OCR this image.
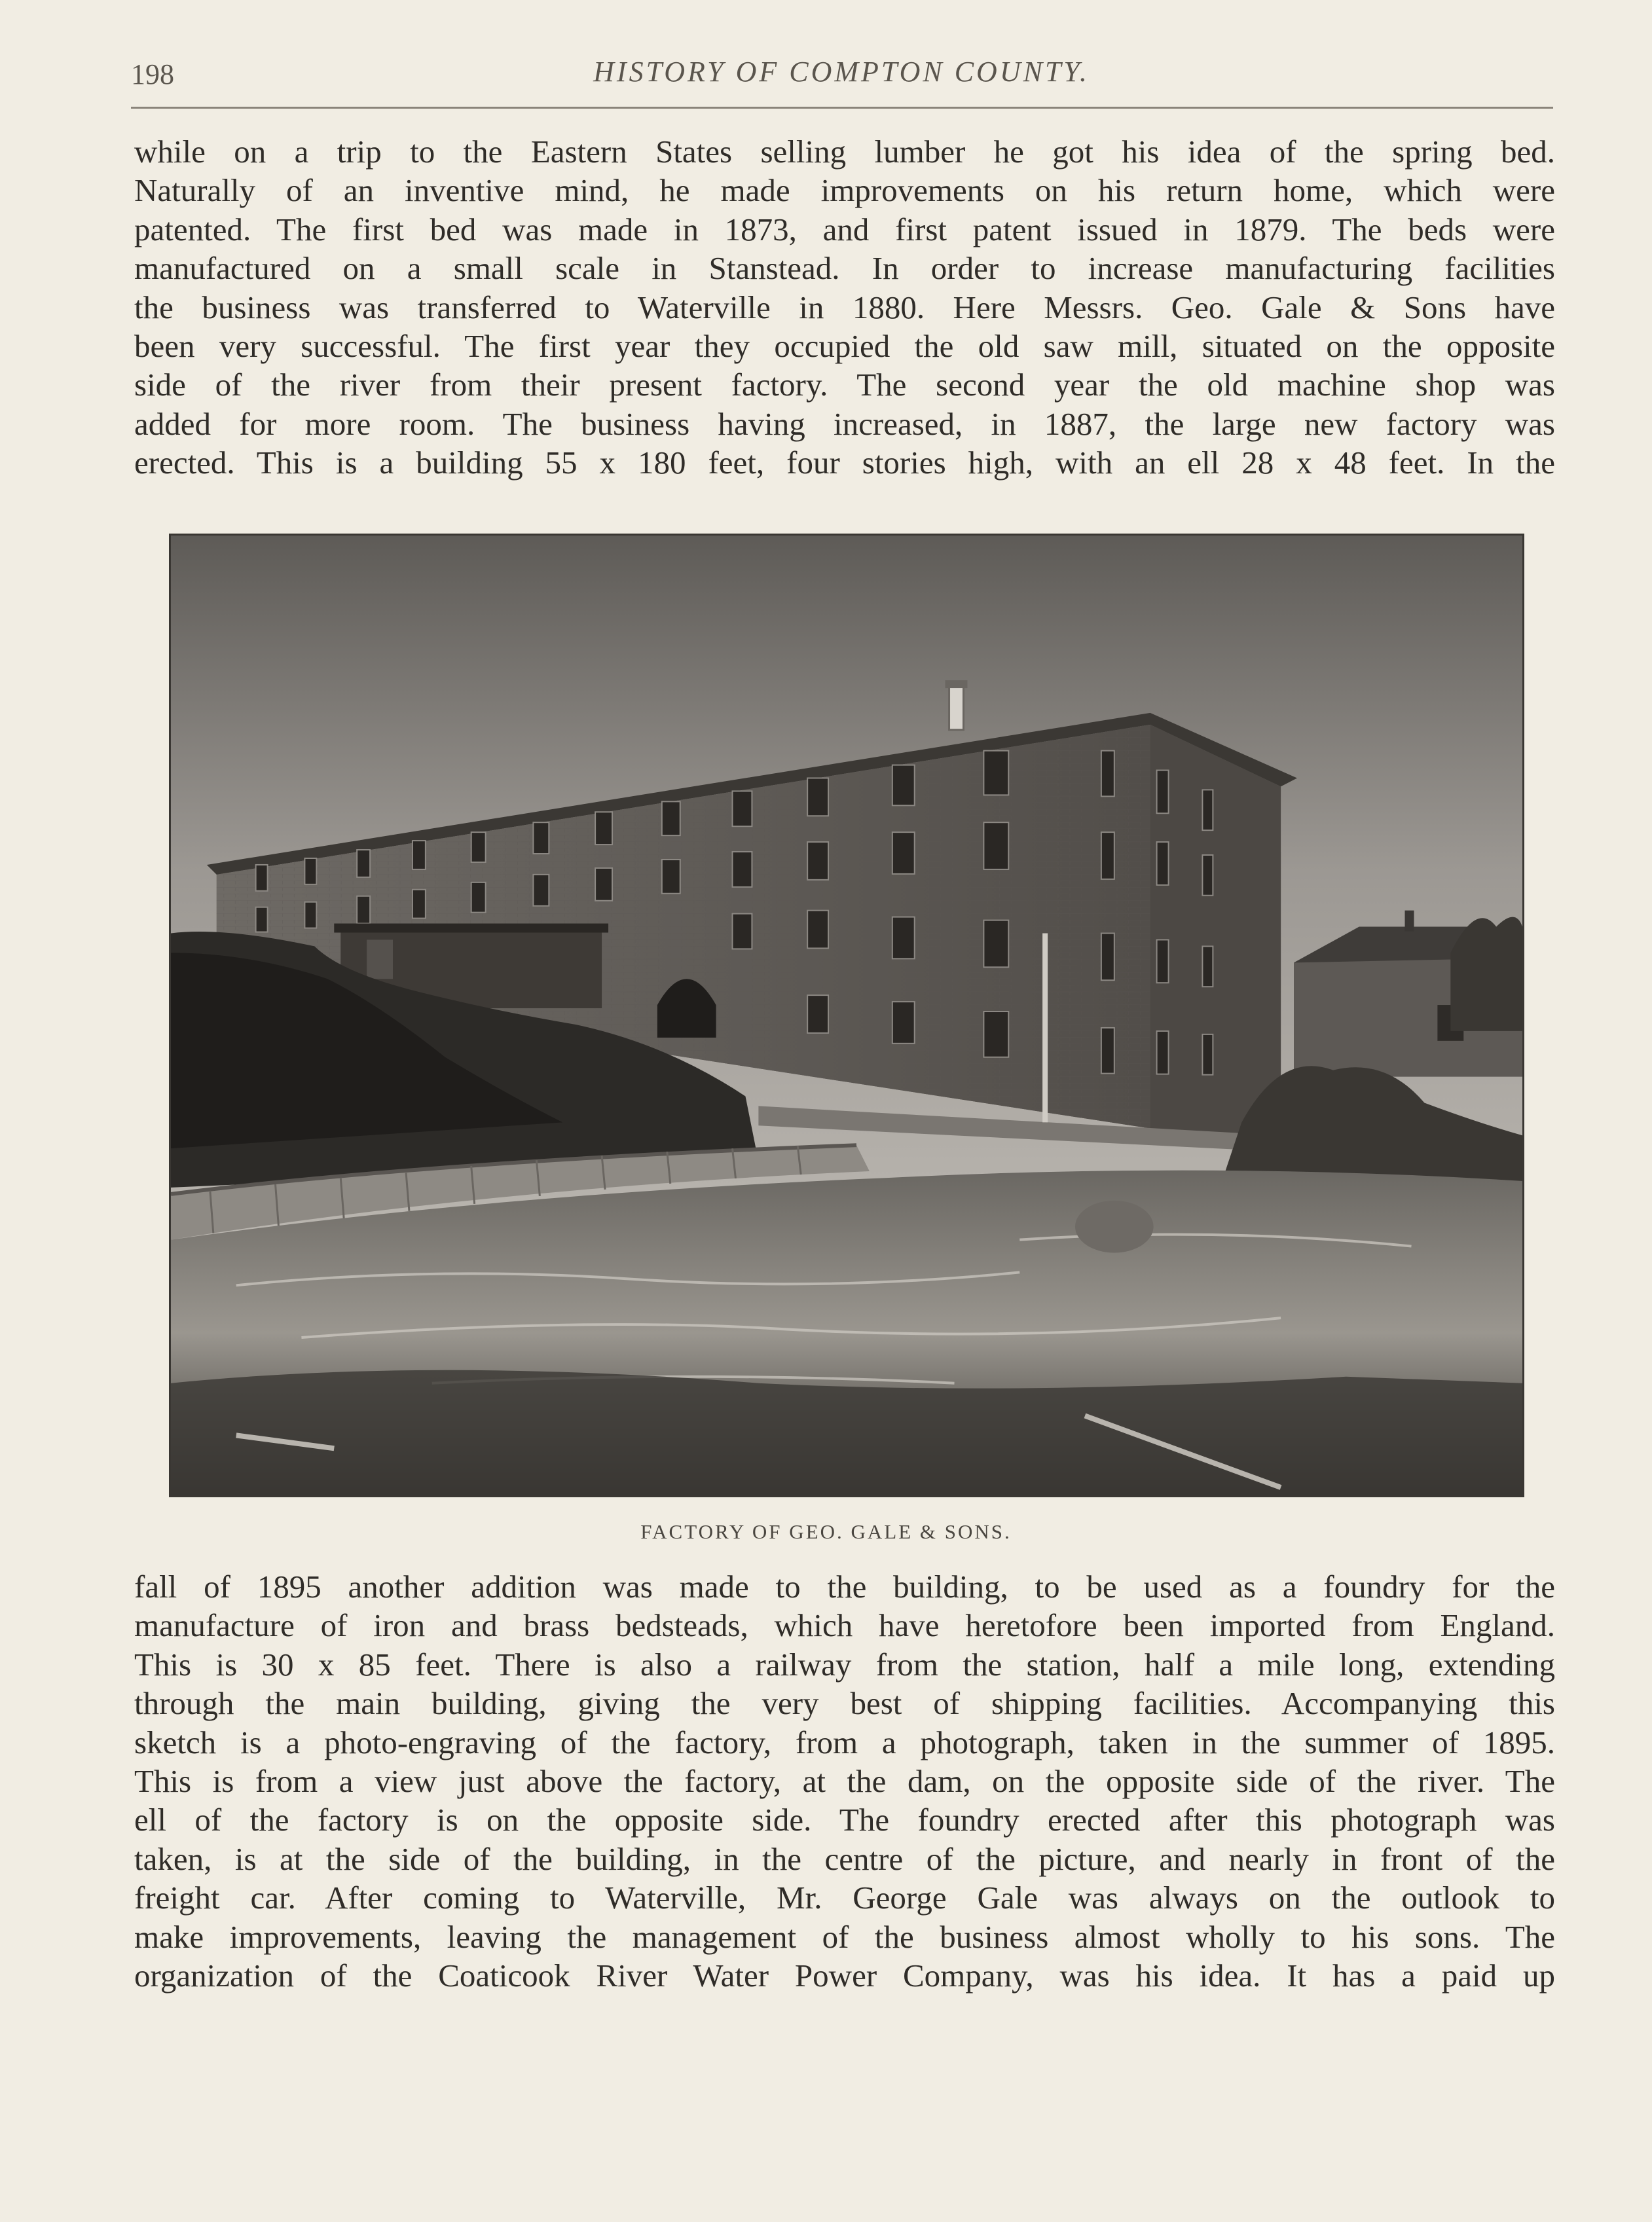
198	HISTORY OF COMPTON COUNTY.
while on a trip to the Eastern States selling lumber he got his idea of the spring bed.
Naturally of an inventive mind, he made improvements on his return home, which were
patented. The first bed was made in 1873, and first patent issued in 1879. The beds were
manufactured on a small scale in Stanstead. In order to increase manufacturing facilities
the business was transferred to Waterville in 1880. Here Messrs. Geo. Gale & Sons have
been very successful. The first year they occupied the old saw mill, situated on the opposite
side of the river from their present factory. The second year the old machine shop was
added for more room. The business having increased, in 1887, the large new factory was
erected. This is a building 55 x 180 feet, four stories high, with an ell 28 x 48 feet. In the
FACTORY OF GEO. GALE & SONS.
fall of 1895 another addition was made to the building, to be used as a foundry for the
manufacture of iron and brass bedsteads, which have heretofore been imported from England.
This is 30 x 85 feet. There is also a railway from the station, half a mile long, extending
through the main building, giving the very best of shipping facilities. Accompanying this
sketch is a photo-engraving of the factory, from a photograph, taken in the summer of 1895.
This is from a view just above the factory, at the dam, on the opposite side of the river. The
ell of the factory is on the opposite side. The foundry erected after this photograph was
taken, is at the side of the building, in the centre of the picture, and nearly in front of the
freight car. After coming to Waterville, Mr. George Gale was always on the outlook to
make improvements, leaving the management of the business almost wholly to his sons. The
organization of the Coaticook River Water Power Company, was his idea. It has a paid up
